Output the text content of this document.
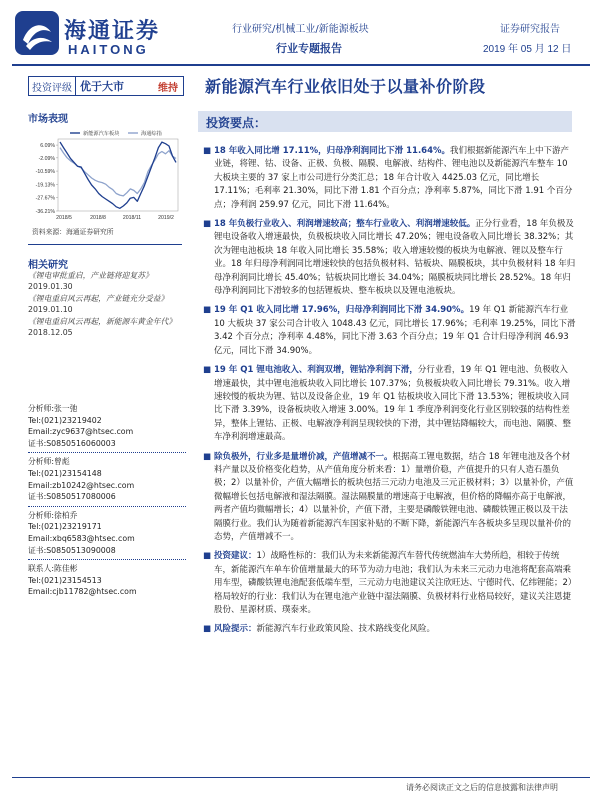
海通证券
HAITONG
行业研究/机械工业/新能源板块
行业专题报告
证券研究报告
2019 年 05 月 12 日
投资评级 优于大市	维持	新能源汽车行业依旧处于以量补价阶段
市场表现
6.09%
-2.09%
-10.59%
-19.13%
-27.67%
-36.21%
2018/5	2018/8	2018/11	2019/2
新能源汽车板块	海通综指
资料来源：海通证券研究所
相关研究
《锂电审批重启，产业链将迎复苏》
2019.01.30
《锂电重启风云再起，产业链充分受益》
2019.01.10
《锂电重启风云再起，新能源车黄金年代》
2018.12.05
分析师:张一弛
Tel:(021)23219402
Email:zyc9637@htsec.com
证书:S0850516060003
分析师:曾彪
Tel:(021)23154148
Email:zb10242@htsec.com
证书:S0850517080006
分析师:徐柏乔
Tel:(021)23219171
Email:xbq6583@htsec.com
证书:S0850513090008
联系人:陈佳彬
Tel:(021)23154513
Email:cjb11782@htsec.com
投资要点：
■ 18 年收入同比增 17.11%，归母净利润同比下滑 11.64%。我们根据新能源汽车上中下游产业链，将锂、钴、设备、正极、负极、隔膜、电解液、结构件、锂电池以及新能源汽车整车 10 大板块主要的 37 家上市公司进行分类汇总；18 年合计收入 4425.03 亿元，同比增长 17.11%；毛利率 21.30%，同比下滑 1.81 个百分点；净利率 5.87%，同比下滑 1.91 个百分点；净利润 259.97 亿元，同比下滑 11.64%。
■ 18 年负极行业收入、利润增速较高；整车行业收入、利润增速较低。正分行业看，18 年负极及锂电设备收入增速最快，负极板块收入同比增长 47.20%；锂电设备收入同比增长 38.32%；其次为锂电池板块 18 年收入同比增长 35.58%；收入增速较慢的板块为电解液、锂以及整车行业。18 年归母净利润同比增速较快的包括负极材料、钴板块、隔膜板块，其中负极材料 18 年归母净利润同比增长 45.40%；钴板块同比增长 34.04%；隔膜板块同比增长 28.52%。18 年归母净利润同比下滑较多的包括锂板块、整车板块以及锂电池板块。
■ 19 年 Q1 收入同比增 17.96%，归母净利润同比下滑 34.90%。19 年 Q1 新能源汽车行业 10 大板块 37 家公司合计收入 1048.43 亿元，同比增长 17.96%；毛利率 19.25%，同比下滑 3.42 个百分点；净利率 4.48%，同比下滑 3.63 个百分点；19 年 Q1 合计归母净利润 46.93 亿元，同比下滑 34.90%。
■ 19 年 Q1 锂电池收入、利润双增，锂钴净利润下滑，分行业看，19 年 Q1 锂电池、负极收入增速最快，其中锂电池板块收入同比增长 107.37%；负极板块收入同比增长 79.31%。收入增速较慢的板块为锂、钴以及设备企业，19 年 Q1 钴板块收入同比下滑 13.53%；锂板块收入同比下滑 3.39%，设备板块收入增速 3.00%。19 年 1 季度净利润变化行业区别较强的结构性差异，整体上锂钴、正极、电解液净利润呈现较快的下滑，其中锂钴降幅较大，而电池、隔膜、整车净利润增速最高。
■ 除负极外，行业多是量增价减，产值增减不一。根据高工锂电数据，结合 18 年锂电池及各个材料产量以及价格变化趋势，从产值角度分析来看：1）量增价稳，产值提升的只有人造石墨负极；2）以量补价，产值大幅增长的板块包括三元动力电池及三元正极材料；3）以量补价，产值微幅增长包括电解液和湿法隔膜。湿法隔膜量的增速高于电解液，但价格的降幅亦高于电解液，两者产值均微幅增长；4）以量补价，产值下滑，主要是磷酸铁锂电池、磷酸铁锂正极以及干法隔膜行业。我们认为随着新能源汽车国家补贴的不断下降，新能源汽车各板块多呈现以量补价的态势，产值增减不一。
■ 投资建议：1）战略性标的：我们认为未来新能源汽车替代传统燃油车大势所趋，相较于传统车，新能源汽车单车价值增量最大的环节为动力电池；我们认为未来三元动力电池将配套高端乘用车型，磷酸铁锂电池配套低端车型，三元动力电池建议关注欣旺达、宁德时代、亿纬锂能；2）格局较好的行业：我们认为在锂电池产业链中湿法隔膜、负极材料行业格局较好，建议关注恩捷股份、星源材质、璞泰来。
■ 风险提示：新能源汽车行业政策风险、技术路线变化风险。
请务必阅读正文之后的信息披露和法律声明
